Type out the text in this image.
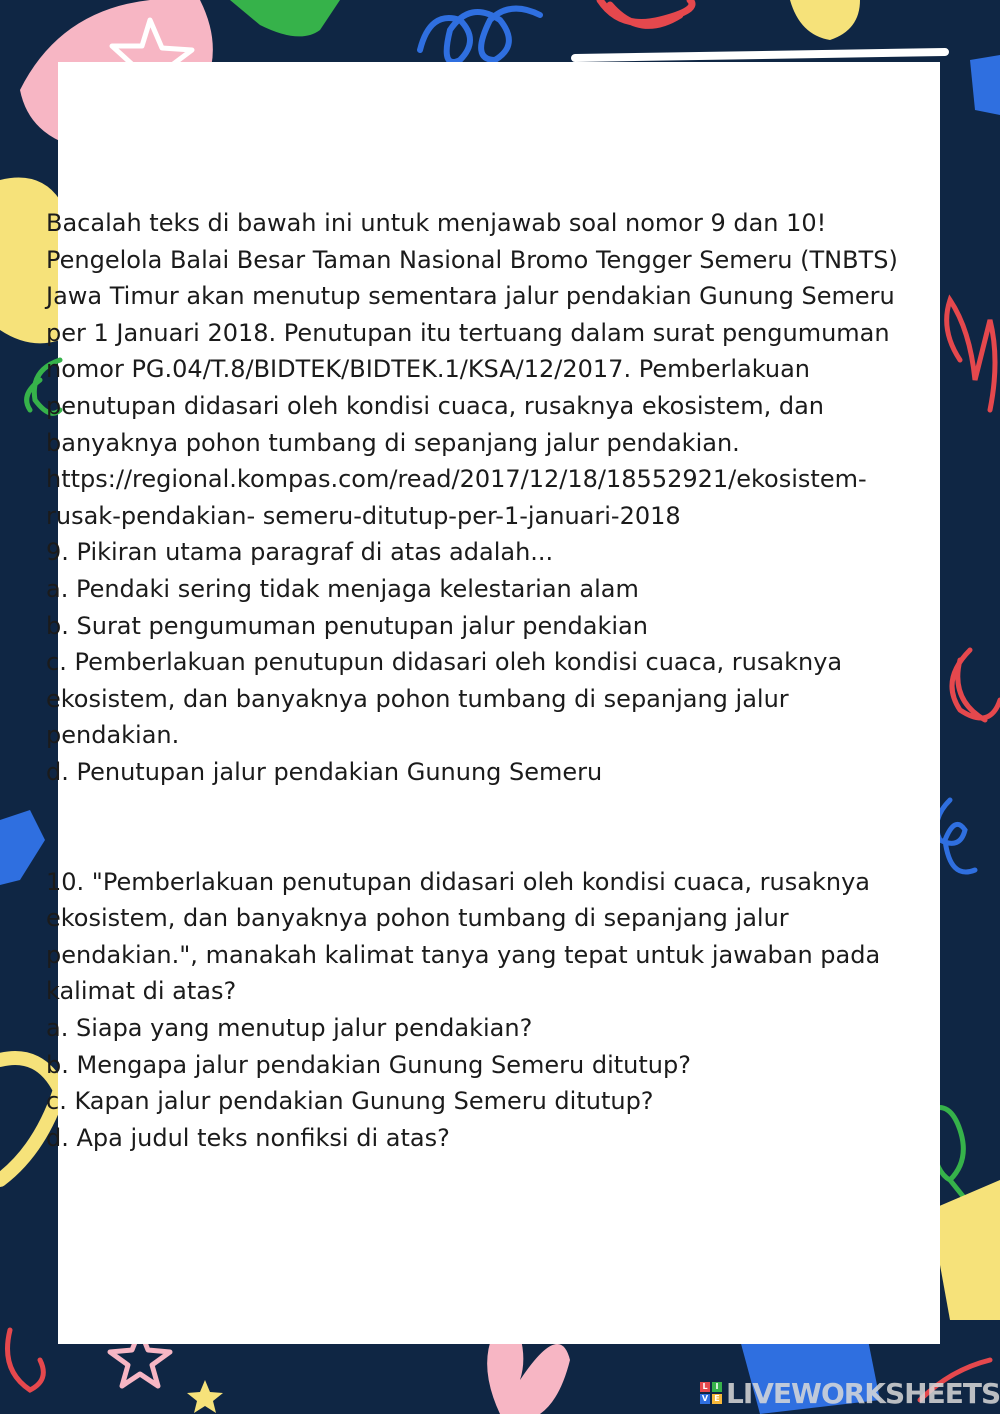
Bacalah teks di bawah ini untuk menjawab soal nomor 9 dan 10!
Pengelola Balai Besar Taman Nasional Bromo Tengger Semeru (TNBTS)
Jawa Timur akan menutup sementara jalur pendakian Gunung Semeru
per 1 Januari 2018. Penutupan itu tertuang dalam surat pengumuman
nomor PG.04/T.8/BIDTEK/BIDTEK.1/KSA/12/2017. Pemberlakuan
penutupan didasari oleh kondisi cuaca, rusaknya ekosistem, dan
banyaknya pohon tumbang di sepanjang jalur pendakian.
https://regional.kompas.com/read/2017/12/18/18552921/ekosistem-
rusak-pendakian- semeru-ditutup-per-1-januari-2018
9. Pikiran utama paragraf di atas adalah...
a. Pendaki sering tidak menjaga kelestarian alam
b. Surat pengumuman penutupan jalur pendakian
c. Pemberlakuan penutupun didasari oleh kondisi cuaca, rusaknya
ekosistem, dan banyaknya pohon tumbang di sepanjang jalur
pendakian.
d. Penutupan jalur pendakian Gunung Semeru
10. "Pemberlakuan penutupan didasari oleh kondisi cuaca, rusaknya
ekosistem, dan banyaknya pohon tumbang di sepanjang jalur
pendakian.", manakah kalimat tanya yang tepat untuk jawaban pada
kalimat di atas?
a. Siapa yang menutup jalur pendakian?
b. Mengapa jalur pendakian Gunung Semeru ditutup?
c. Kapan jalur pendakian Gunung Semeru ditutup?
d. Apa judul teks nonfiksi di atas?
L I
V E LIVEWORKSHEETS
